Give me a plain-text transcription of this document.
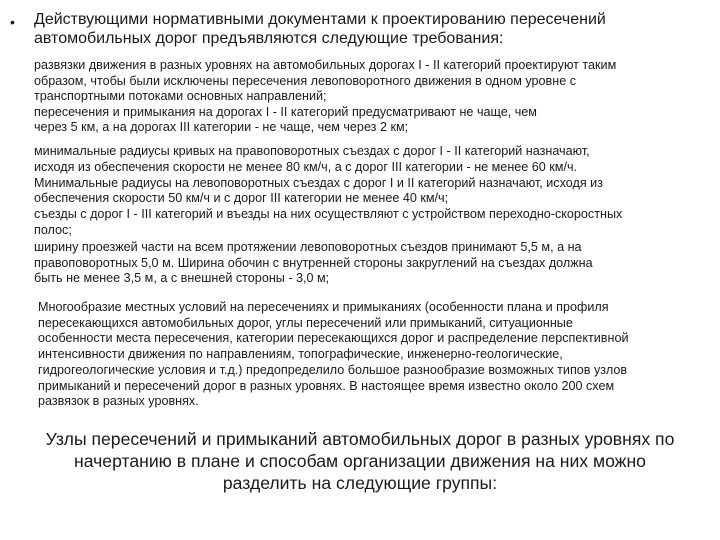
• Действующими нормативными документами к проектированию пересечений автомобильных дорог предъявляются следующие требования:
развязки движения в разных уровнях на автомобильных дорогах I - II категорий проектируют таким
образом, чтобы были исключены пересечения левоповоротного движения в одном уровне с
транспортными потоками основных направлений;
пересечения и примыкания на дорогах I - II категорий предусматривают не чаще, чем
через 5 км, а на дорогах III категории - не чаще, чем через 2 км;
минимальные радиусы кривых на правоповоротных съездах с дорог I - II категорий назначают,
исходя из обеспечения скорости не менее 80 км/ч, а с дорог III категории - не менее 60 км/ч.
Минимальные радиусы на левоповоротных съездах с дорог I и II категорий назначают, исходя из
обеспечения скорости 50 км/ч и с дорог III категории не менее 40 км/ч;
съезды с дорог I - III категорий и въезды на них осуществляют с устройством переходно-скоростных
полос;
ширину проезжей части на всем протяжении левоповоротных съездов принимают 5,5 м, а на
правоповоротных 5,0 м. Ширина обочин с внутренней стороны закруглений на съездах должна
быть не менее 3,5 м, а с внешней стороны - 3,0 м;
Многообразие местных условий на пересечениях и примыканиях (особенности плана и профиля
пересекающихся автомобильных дорог, углы пересечений или примыканий, ситуационные
особенности места пересечения, категории пересекающихся дорог и распределение перспективной
интенсивности движения по направлениям, топографические, инженерно-геологические,
гидрогеологические условия и т.д.) предопределило большое разнообразие возможных типов узлов
примыканий и пересечений дорог в разных уровнях. В настоящее время известно около 200 схем
развязок в разных уровнях.
Узлы пересечений и примыканий автомобильных дорог в разных уровнях по
начертанию в плане и способам организации движения на них можно
разделить на следующие группы:
